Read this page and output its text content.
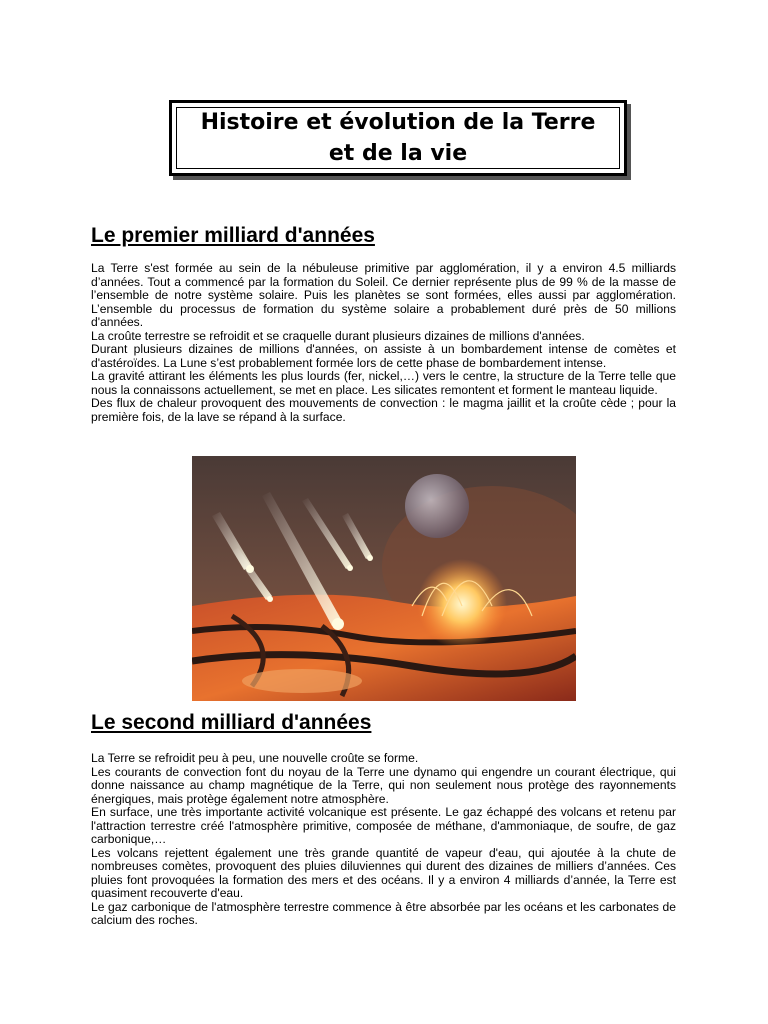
Histoire et évolution de la Terre et de la vie
Le premier milliard d'années

La Terre s'est formée au sein de la nébuleuse primitive par agglomération, il y a environ 4.5 milliards d’années. Tout a commencé par la formation du Soleil. Ce dernier représente plus de 99 % de la masse de l’ensemble de notre système solaire. Puis les planètes se sont formées, elles aussi par agglomération. L’ensemble du processus de formation du système solaire a probablement duré près de 50 millions d'années.

La croûte terrestre se refroidit et se craquelle durant plusieurs dizaines de millions d'années.

Durant plusieurs dizaines de millions d'années, on assiste à un bombardement intense de comètes et d'astéroïdes. La Lune s’est probablement formée lors de cette phase de bombardement intense.

La gravité attirant les éléments les plus lourds (fer, nickel,…) vers le centre, la structure de la Terre telle que nous la connaissons actuellement, se met en place. Les silicates remontent et forment le manteau liquide.

Des flux de chaleur provoquent des mouvements de convection : le magma jaillit et la croûte cède ; pour la première fois, de la lave se répand à la surface.

Le second milliard d'années

La Terre se refroidit peu à peu, une nouvelle croûte se forme.

Les courants de convection font du noyau de la Terre une dynamo qui engendre un courant électrique, qui donne naissance au champ magnétique de la Terre, qui non seulement nous protège des rayonnements énergiques, mais protège également notre atmosphère.

En surface, une très importante activité volcanique est présente. Le gaz échappé des volcans et retenu par l'attraction terrestre créé l'atmosphère primitive, composée de méthane, d'ammoniaque, de soufre, de gaz carbonique,…

Les volcans rejettent également une très grande quantité de vapeur d'eau, qui ajoutée à la chute de nombreuses comètes, provoquent des pluies diluviennes qui durent des dizaines de milliers d’années. Ces pluies font provoquées la formation des mers et des océans. Il y a environ 4 milliards d’année, la Terre est quasiment recouverte d'eau.

Le gaz carbonique de l'atmosphère terrestre commence à être absorbée par les océans et les carbonates de calcium des roches.
